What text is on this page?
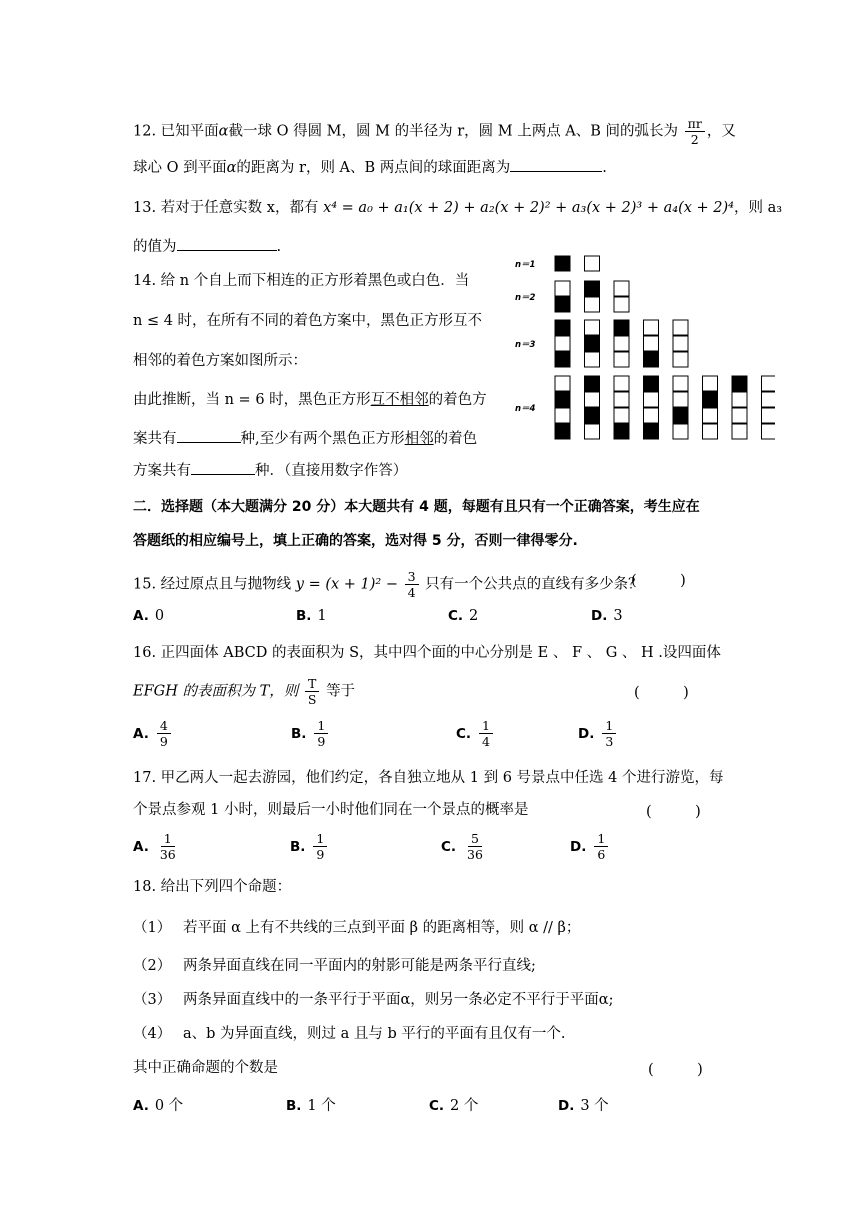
12. 已知平面α截一球 O 得圆 M，圆 M 的半径为 r，圆 M 上两点 A、B 间的弧长为 $\frac{\pi r}{2}$ ，又
球心 O 到平面α的距离为 r，则 A、B 两点间的球面距离为	.
13. 若对于任意实数 x，都有 x⁴ = a₀ + a₁(x + 2) + a₂(x + 2)² + a₃(x + 2)³ + a₄(x + 2)⁴，则 a₃
的值为	.
14. 给 n 个自上而下相连的正方形着黑色或白色．当
n ≤ 4 时，在所有不同的着色方案中，黑色正方形互不
相邻的着色方案如图所示：
由此推断，当 n = 6 时，黑色正方形互不相邻的着色方
案共有	种,至少有两个黑色正方形相邻的着色
方案共有	种．（直接用数字作答）
n＝1
n＝2
n＝3
n＝4
二．选择题（本大题满分 20 分）本大题共有 4 题，每题有且只有一个正确答案，考生应在
答题纸的相应编号上，填上正确的答案，选对得 5 分，否则一律得零分.
15. 经过原点且与抛物线 $y = (x + 1)^2 - \frac{3}{4}$ 只有一个公共点的直线有多少条？
(　　　)
A. 0	B. 1	C. 2	D. 3
16. 正四面体 ABCD 的表面积为 S，其中四个面的中心分别是 E 、 F 、 G 、 H .设四面体
EFGH 的表面积为 T，则 $\frac{T}{S}$ 等于	(　　　)
A. $\frac{4}{9}$	B. $\frac{1}{9}$	C. $\frac{1}{4}$	D. $\frac{1}{3}$
17. 甲乙两人一起去游园，他们约定，各自独立地从 1 到 6 号景点中任选 4 个进行游览，每
个景点参观 1 小时，则最后一小时他们同在一个景点的概率是	(　　　)
A. $\frac{1}{36}$	B. $\frac{1}{9}$	C. $\frac{5}{36}$	D. $\frac{1}{6}$
18. 给出下列四个命题：
（1） 若平面 α 上有不共线的三点到平面 β 的距离相等，则 α // β；
（2） 两条异面直线在同一平面内的射影可能是两条平行直线;
（3） 两条异面直线中的一条平行于平面α，则另一条必定不平行于平面α;
（4） a、b 为异面直线，则过 a 且与 b 平行的平面有且仅有一个.
其中正确命题的个数是	(　　　)
A. 0 个	B. 1 个	C. 2 个	D. 3 个
